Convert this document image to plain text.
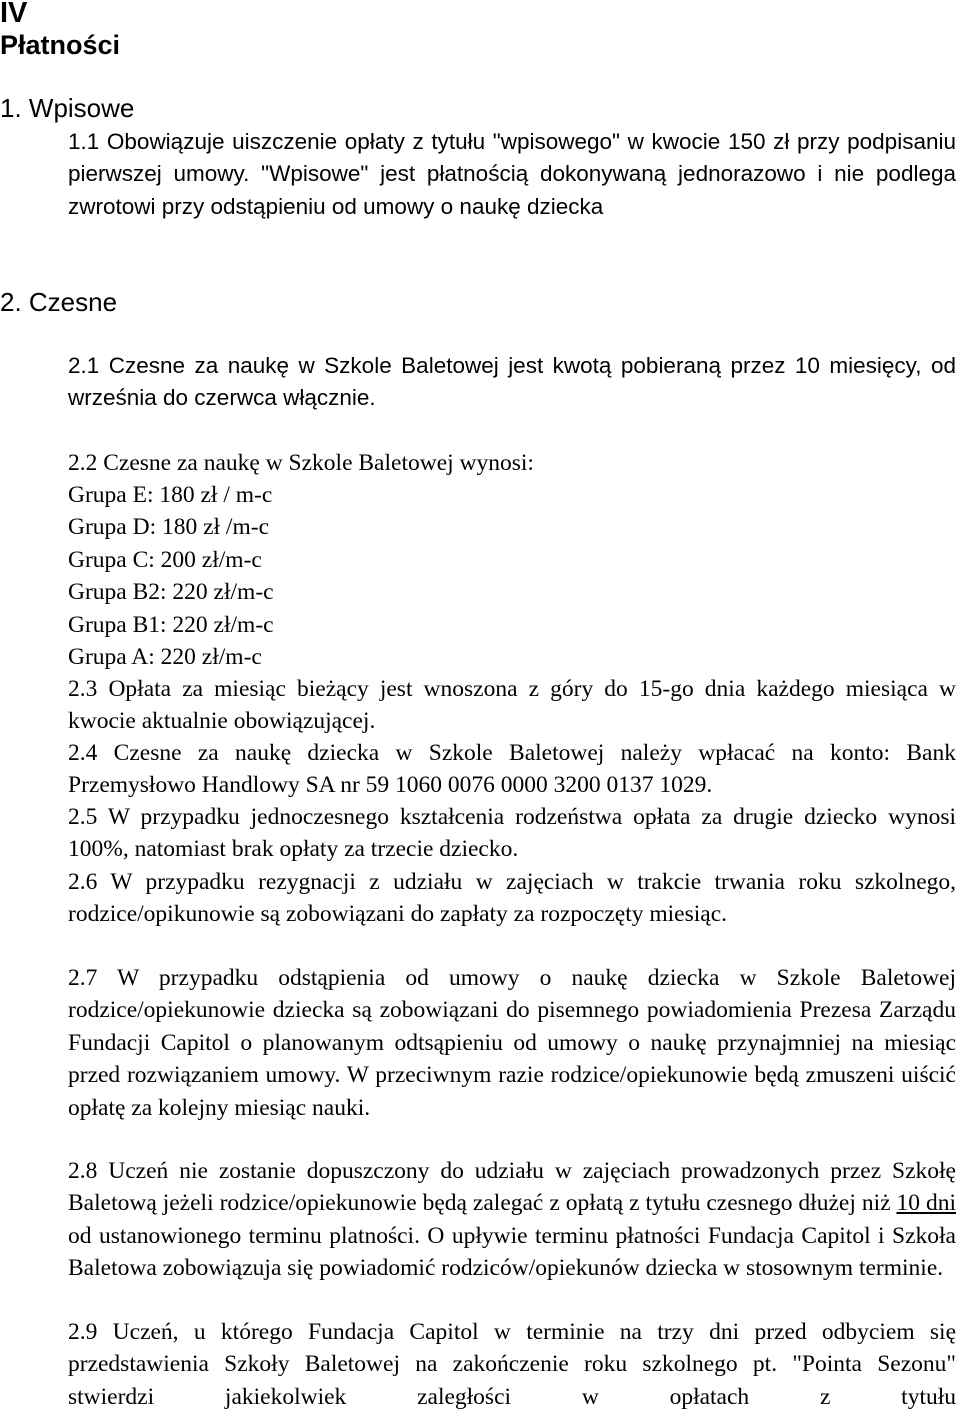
IV
Płatności
1. Wpisowe
1.1 Obowiązuje uiszczenie opłaty z tytułu "wpisowego" w kwocie 150 zł przy podpisaniu pierwszej umowy. "Wpisowe" jest płatnością dokonywaną jednorazowo i nie podlega zwrotowi przy odstąpieniu od umowy o naukę dziecka
2. Czesne
2.1 Czesne za naukę w Szkole Baletowej jest kwotą pobieraną przez 10 miesięcy, od września do czerwca włącznie.
2.2 Czesne za naukę w Szkole Baletowej wynosi:
Grupa E: 180 zł / m-c
Grupa D: 180 zł /m-c
Grupa C: 200 zł/m-c
Grupa B2: 220 zł/m-c
Grupa B1: 220 zł/m-c
Grupa A: 220 zł/m-c
2.3 Opłata za miesiąc bieżący jest wnoszona z góry do 15-go dnia każdego miesiąca w kwocie aktualnie obowiązującej.
2.4 Czesne za naukę dziecka w Szkole Baletowej należy wpłacać na konto: Bank Przemysłowo Handlowy SA nr 59 1060 0076 0000 3200 0137 1029.
2.5 W przypadku jednoczesnego kształcenia rodzeństwa opłata za drugie dziecko wynosi 100%, natomiast brak opłaty za trzecie dziecko.
2.6 W przypadku rezygnacji z udziału w zajęciach w trakcie trwania roku szkolnego, rodzice/opikunowie są zobowiązani do zapłaty za rozpoczęty miesiąc.
2.7 W przypadku odstąpienia od umowy o naukę dziecka w Szkole Baletowej rodzice/opiekunowie dziecka są zobowiązani do pisemnego powiadomienia Prezesa Zarządu Fundacji Capitol o planowanym odtsąpieniu od umowy o naukę przynajmniej na miesiąc przed rozwiązaniem umowy. W przeciwnym razie rodzice/opiekunowie będą zmuszeni uiścić opłatę za kolejny miesiąc nauki.
2.8 Uczeń nie zostanie dopuszczony do udziału w zajęciach prowadzonych przez Szkołę Baletową jeżeli rodzice/opiekunowie będą zalegać z opłatą z tytułu czesnego dłużej niż 10 dni od ustanowionego terminu platności. O upływie terminu płatności Fundacja Capitol i Szkoła Baletowa zobowiązuja się powiadomić rodziców/opiekunów dziecka w stosownym terminie.
2.9 Uczeń, u którego Fundacja Capitol w terminie na trzy dni przed odbyciem się przedstawienia Szkoły Baletowej na zakończenie roku szkolnego pt. "Pointa Sezonu" stwierdzi jakiekolwiek zaległości w opłatach z tytułu
